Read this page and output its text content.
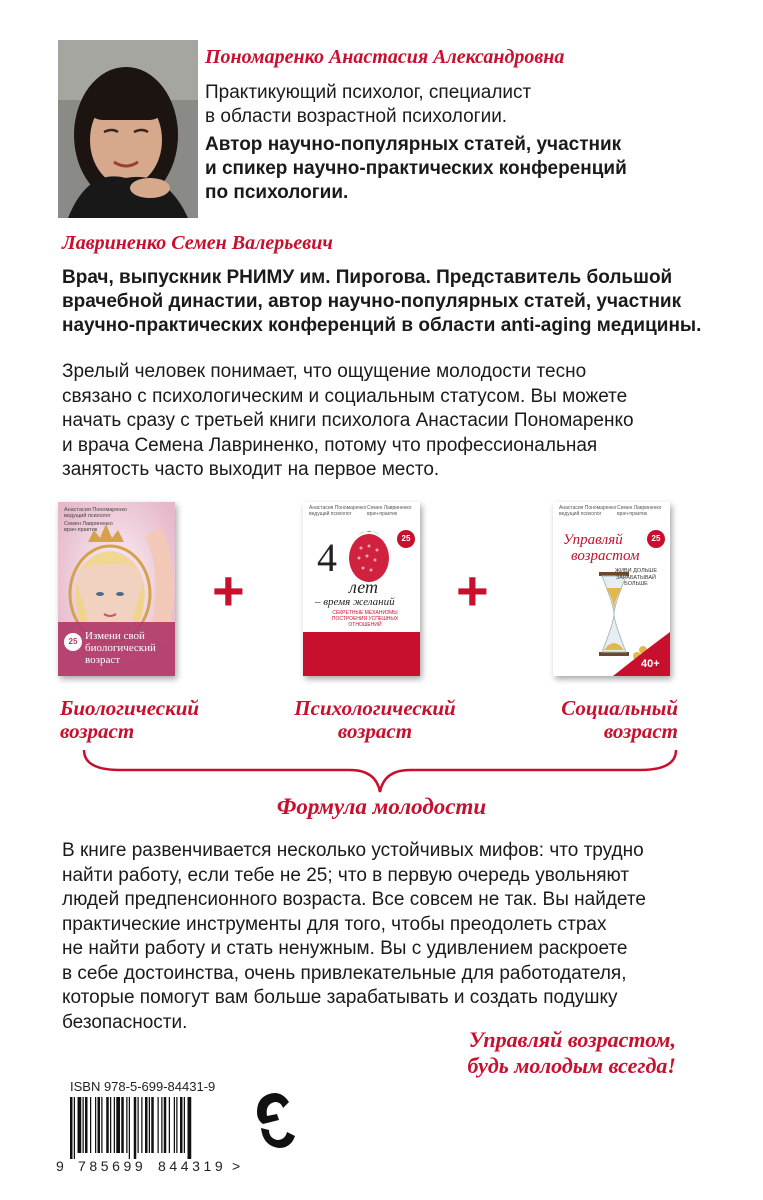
Пономаренко Анастасия Александровна
Практикующий психолог, специалист
в области возрастной психологии.
Автор научно-популярных статей, участник
и спикер научно-практических конференций
по психологии.
Лавриненко Семен Валерьевич
Врач, выпускник РНИМУ им. Пирогова. Представитель большой
врачебной династии, автор научно-популярных статей, участник
научно-практических конференций в области anti-aging медицины.
Зрелый человек понимает, что ощущение молодости тесно
связано с психологическим и социальным статусом. Вы можете
начать сразу с третьей книги психолога Анастасии Пономаренко
и врача Семена Лавриненко, потому что профессиональная
занятость часто выходит на первое место.
Анастасия Пономаренко
ведущий психолог
Семен Лавриненко
врач-практик
25 Измени свой
биологический
возраст
+
Анастасия Пономаренко
ведущий психолог
Семен Лавриненко
врач-практик
25
4
лет
– время желаний
СЕКРЕТНЫЕ МЕХАНИЗМЫ
ПОСТРОЕНИЯ УСПЕШНЫХ
ОТНОШЕНИЙ
+
Анастасия Пономаренко
ведущий психолог
Семен Лавриненко
врач-практик
25
Управляй
возрастом
ЖИВИ ДОЛЬШЕ
ЗАРАБАТЫВАЙ
БОЛЬШЕ
40+
Биологический
возраст
Психологический
возраст
Социальный
возраст
Формула молодости
В книге развенчивается несколько устойчивых мифов: что трудно
найти работу, если тебе не 25; что в первую очередь увольняют
людей предпенсионного возраста. Все совсем не так. Вы найдете
практические инструменты для того, чтобы преодолеть страх
не найти работу и стать ненужным. Вы с удивлением раскроете
в себе достоинства, очень привлекательные для работодателя,
которые помогут вам больше зарабатывать и создать подушку
безопасности.
Управляй возрастом,
будь молодым всегда!
ISBN 978-5-699-84431-9
9 785699 844319 >
